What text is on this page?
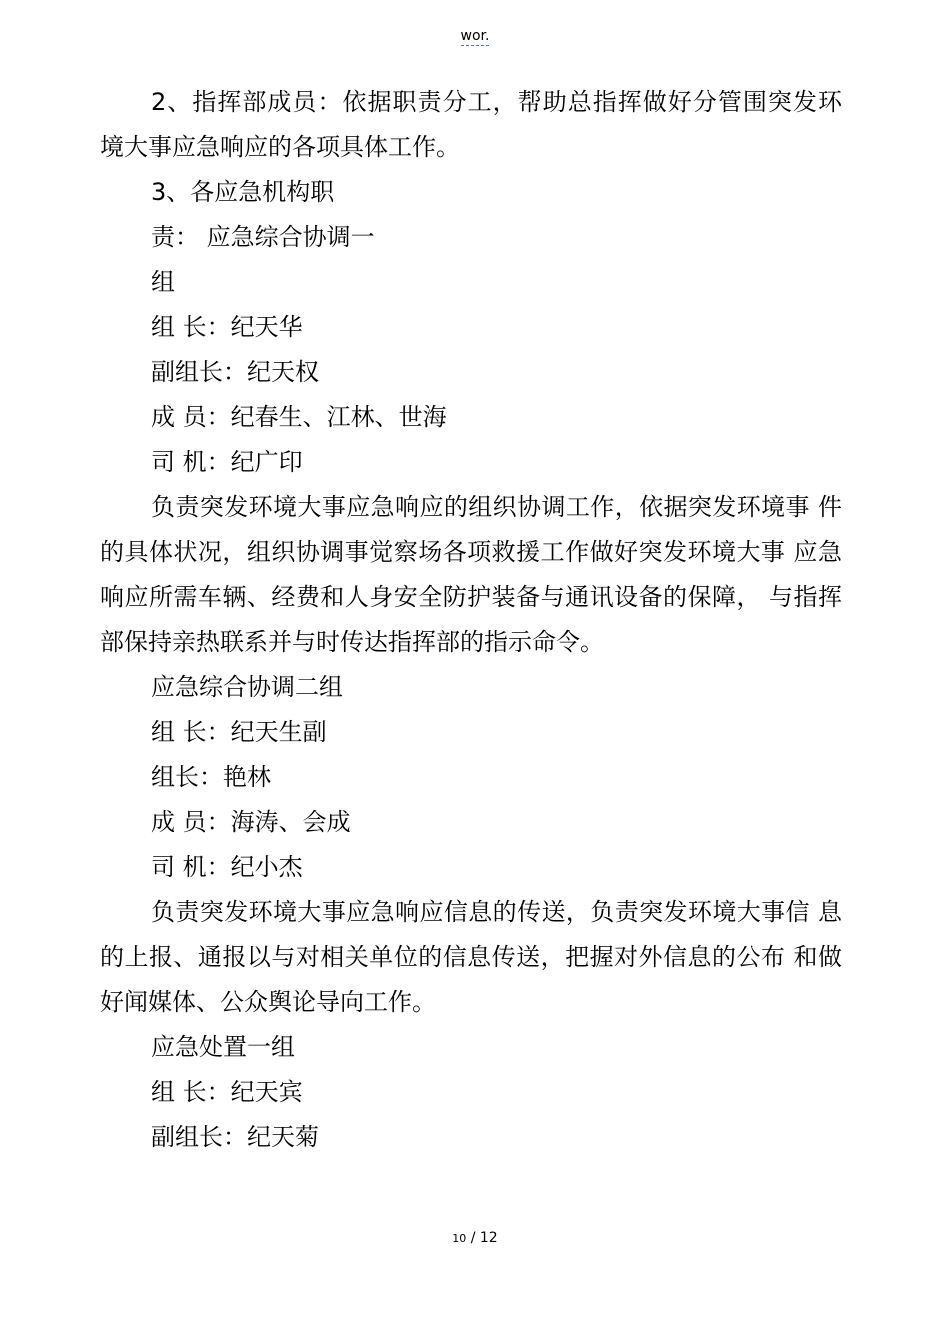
wor.
2、指挥部成员：依据职责分工，帮助总指挥做好分管围突发环
境大事应急响应的各项具体工作。
3、各应急机构职
责： 应急综合协调一
组
组 长：纪天华
副组长：纪天权
成 员：纪春生、江林、世海
司 机：纪广印
负责突发环境大事应急响应的组织协调工作，依据突发环境事 件
的具体状况，组织协调事觉察场各项救援工作做好突发环境大事 应急
响应所需车辆、经费和人身安全防护装备与通讯设备的保障， 与指挥
部保持亲热联系并与时传达指挥部的指示命令。
应急综合协调二组
组 长：纪天生副
组长：艳林
成 员：海涛、会成
司 机：纪小杰
负责突发环境大事应急响应信息的传送，负责突发环境大事信 息
的上报、通报以与对相关单位的信息传送，把握对外信息的公布 和做
好闻媒体、公众舆论导向工作。
应急处置一组
组 长：纪天宾
副组长：纪天菊
10 / 12
